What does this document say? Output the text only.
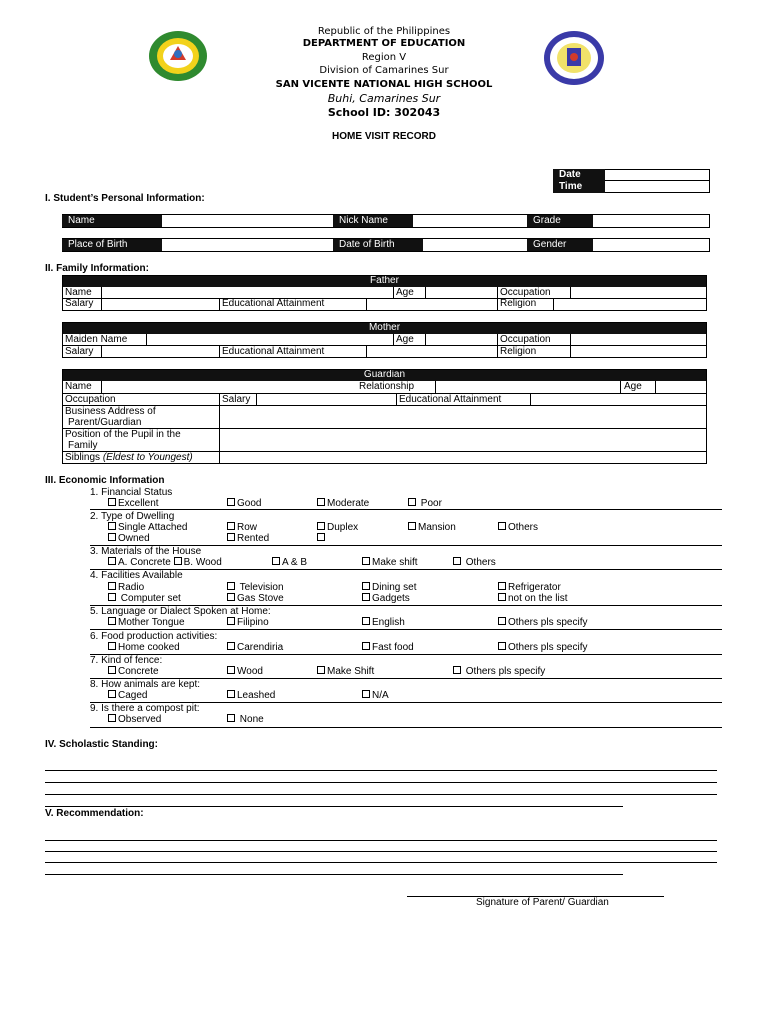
Republic of the Philippines
DEPARTMENT OF EDUCATION
Region V
Division of Camarines Sur
SAN VICENTE NATIONAL HIGH SCHOOL
Buhi, Camarines Sur
School ID: 302043
HOME VISIT RECORD
Date
Time
I. Student’s Personal Information:
Name	Nick Name	Grade
Place of Birth	Date of Birth	Gender
II. Family Information:
Father
Name	Age	Occupation
Salary	Educational Attainment	Religion
Mother
Maiden Name	Age	Occupation
Salary	Educational Attainment	Religion
Guardian
Name	Relationship	Age
Occupation	Salary	Educational Attainment
Business Address of
Parent/Guardian
Position of the Pupil in the
Family
Siblings (Eldest to Youngest)
III. Economic Information
1. Financial Status
Excellent	Good	Moderate	Poor
2. Type of Dwelling
Single Attached	Row	Duplex	Mansion	Others
Owned	Rented
3. Materials of the House
A. Concrete B. Wood	A & B	Make shift	Others
4. Facilities Available
Radio	Television	Dining set	Refrigerator
Computer set	Gas Stove	Gadgets	not on the list
5. Language or Dialect Spoken at Home:
Mother Tongue	Filipino	English	Others pls specify
6. Food production activities:
Home cooked	Carendiria	Fast food	Others pls specify
7. Kind of fence:
Concrete	Wood	Make Shift	Others pls specify
8. How animals are kept:
Caged	Leashed	N/A
9. Is there a compost pit:
Observed	None
IV. Scholastic Standing:
V. Recommendation:
Signature of Parent/ Guardian
